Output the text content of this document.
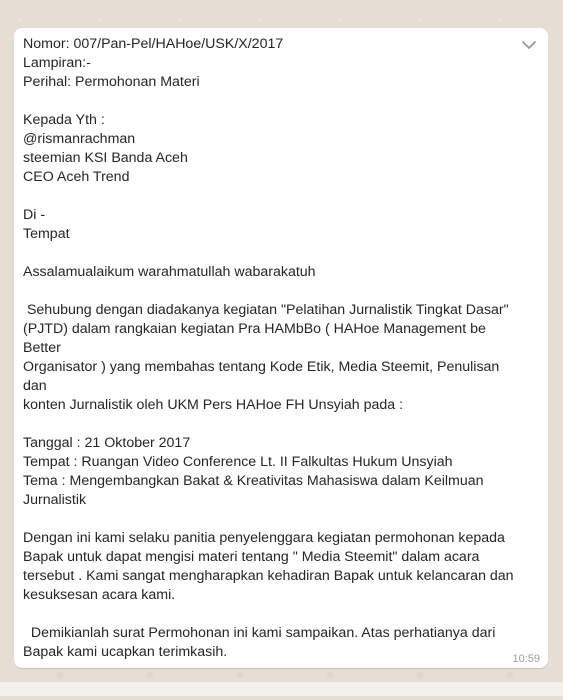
Nomor: 007/Pan-Pel/HAHoe/USK/X/2017
Lampiran:-
Perihal: Permohonan Materi
Kepada Yth :
@rismanrachman
steemian KSI Banda Aceh
CEO Aceh Trend
Di -
Tempat
Assalamualaikum warahmatullah wabarakatuh
Sehubung dengan diadakanya kegiatan "Pelatihan Jurnalistik Tingkat Dasar"
(PJTD) dalam rangkaian kegiatan Pra HAMbBo ( HAHoe Management be Better
Organisator ) yang membahas tentang Kode Etik, Media Steemit, Penulisan dan
konten Jurnalistik oleh UKM Pers HAHoe FH Unsyiah pada :
Tanggal : 21 Oktober 2017
Tempat : Ruangan Video Conference Lt. II Falkultas Hukum Unsyiah
Tema : Mengembangkan Bakat & Kreativitas Mahasiswa dalam Keilmuan
Jurnalistik
Dengan ini kami selaku panitia penyelenggara kegiatan permohonan kepada
Bapak untuk dapat mengisi materi tentang " Media Steemit" dalam acara
tersebut . Kami sangat mengharapkan kehadiran Bapak untuk kelancaran dan
kesuksesan acara kami.
Demikianlah surat Permohonan ini kami sampaikan. Atas perhatianya dari
Bapak kami ucapkan terimkasih.	10:59
